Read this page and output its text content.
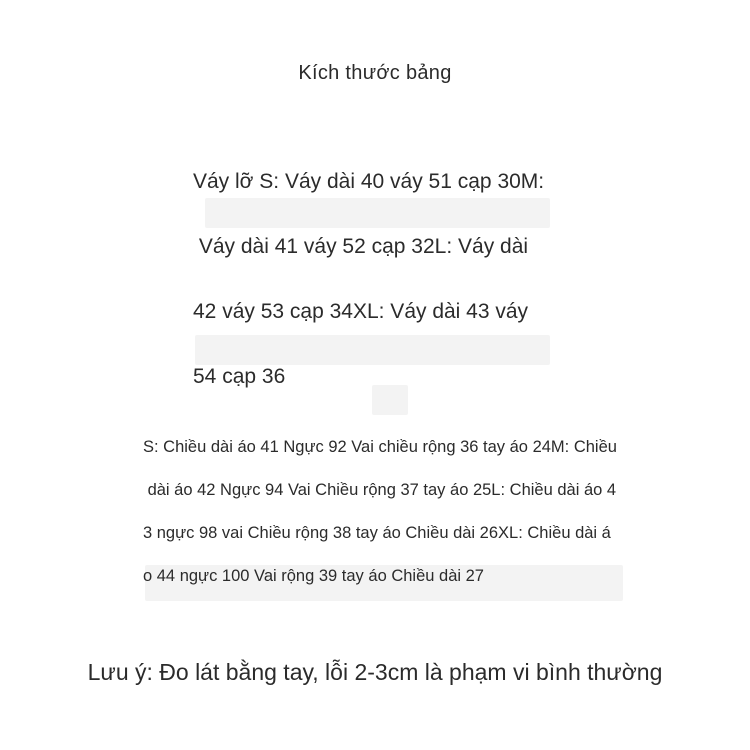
Kích thước bảng
Váy lỡ S: Váy dài 40 váy 51 cạp 30M:
Váy dài 41 váy 52 cạp 32L: Váy dài
42 váy 53 cạp 34XL: Váy dài 43 váy
54 cạp 36
S: Chiều dài áo 41 Ngực 92 Vai chiều rộng 36 tay áo 24M: Chiều
dài áo 42 Ngực 94 Vai Chiều rộng 37 tay áo 25L: Chiều dài áo 4
3 ngực 98 vai Chiều rộng 38 tay áo Chiều dài 26XL: Chiều dài á
o 44 ngực 100 Vai rộng 39 tay áo Chiều dài 27
Lưu ý: Đo lát bằng tay, lỗi 2-3cm là phạm vi bình thường
